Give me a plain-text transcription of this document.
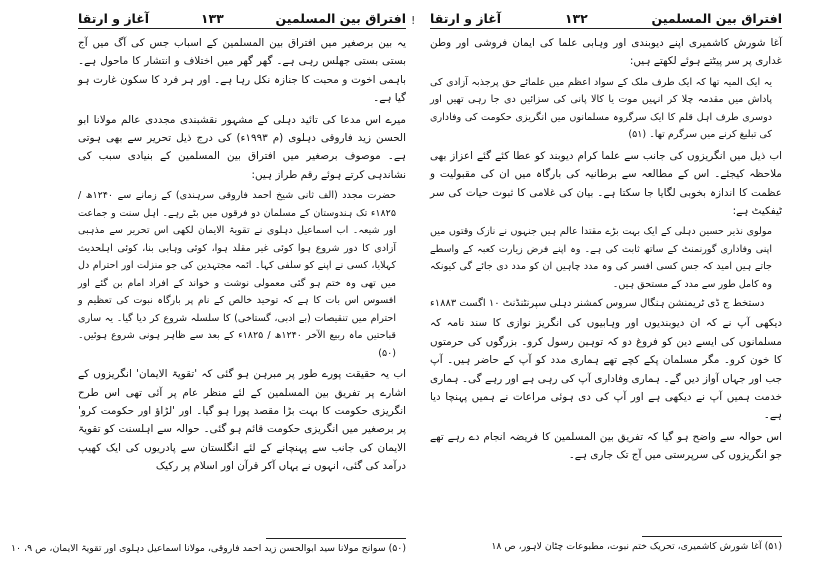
!
افتراق بین المسلمین
۱۳۳
آغاز و ارتقا

یہ بین برصغیر میں افتراق بین المسلمین کے اسباب جس کی آگ میں آج بستی بستی جھلس رہی ہے۔ گھر گھر میں اختلاف و انتشار کا ماحول ہے۔ باہمی اخوت و محبت کا جنازہ نکل رہا ہے۔ اور ہر فرد کا سکون غارت ہو گیا ہے۔

میرے اس مدعا کی تائید دہلی کے مشہور نقشبندی مجددی عالم مولانا ابو الحسن زید فاروقی دہلوی (م ۱۹۹۳ء) کی درج ذیل تحریر سے بھی ہوتی ہے۔ موصوف برصغیر میں افتراق بین المسلمین کے بنیادی سبب کی نشاندہی کرتے ہوئے رقم طراز ہیں:

حضرت مجدد (الف ثانی شیخ احمد فاروقی سرہندی) کے زمانے سے ۱۲۴۰ھ / ۱۸۲۵ء تک ہندوستان کے مسلمان دو فرقوں میں بٹے رہے۔ اہل سنت و جماعت اور شیعہ۔ اب اسماعیل دہلوی نے تقویۃ الایمان لکھی اس تحریر سے مذہبی آزادی کا دور شروع ہوا کوئی غیر مقلد ہوا، کوئی وہابی بنا، کوئی اہلحدیث کہلایا، کسی نے اپنے کو سلفی کہا۔ ائمہ مجتہدین کی جو منزلت اور احترام دل میں تھی وہ ختم ہو گئی معمولی نوشت و خواند کے افراد امام بن گئے اور افسوس اس بات کا ہے کہ توحید خالص کے نام پر بارگاہ نبوت کی تعظیم و احترام میں تنقیصات (بے ادبی، گستاخی) کا سلسلہ شروع کر دیا گیا۔ یہ ساری قباحتیں ماہ ربیع الآخر ۱۲۴۰ھ / ۱۸۲۵ء کے بعد سے ظاہر ہونی شروع ہوئیں۔ (۵۰)

اب یہ حقیقت پورے طور پر مبرہن ہو گئی کہ 'تقویۃ الایمان' انگریزوں کے اشارے پر تفریق بین المسلمین کے لئے منظر عام پر آئی تھی اس طرح انگریزی حکومت کا بہت بڑا مقصد پورا ہو گیا۔ اور 'لڑاؤ اور حکومت کرو' پر برصغیر میں انگریزی حکومت قائم ہو گئی۔ حوالہ سے اہلسنت کو تقویۃ الایمان کی جانب سے پہنچانے کے لئے انگلستان سے پادریوں کی ایک کھیپ درآمد کی گئی، انہوں نے یہاں آکر قرآن اور اسلام پر رکیک

(۵۰) سوانح مولانا سید ابوالحسن زید احمد فاروقی، مولانا اسماعیل دہلوی اور تقویۃ الایمان، ص ۹، ۱۰
افتراق بین المسلمین
۱۳۲
آغاز و ارتقا

آغا شورش کاشمیری اپنے دیوبندی اور وہابی علما کی ایمان فروشی اور وطن غداری پر سر پیٹتے ہوئے لکھتے ہیں:

یہ ایک المیہ تھا کہ ایک طرف ملک کے سواد اعظم میں علمائے حق پرجذبہ آزادی کی پاداش میں مقدمہ چلا کر انہیں موت یا کالا پانی کی سزائیں دی جا رہی تھیں اور دوسری طرف اہل قلم کا ایک سرگروہ مسلمانوں میں انگریزی حکومت کی وفاداری کی تبلیغ کرنے میں سرگرم تھا۔ (۵۱)

اب ذیل میں انگریزوں کی جانب سے علما کرام دیوبند کو عطا کئے گئے اعزاز بھی ملاحظہ کیجئے۔ اس کے مطالعہ سے برطانیہ کی بارگاہ میں ان کی مقبولیت و عظمت کا اندازہ بخوبی لگایا جا سکتا ہے۔ بیان کی غلامی کا ثبوت حیات کی سر ٹیفکیٹ ہے:

مولوی نذیر حسین دہلی کے ایک بہت بڑے مقتدا عالم ہیں جنہوں نے نازک وقتوں میں اپنی وفاداری گورنمنٹ کے ساتھ ثابت کی ہے۔ وہ اپنے فرض زیارت کعبہ کے واسطے جاتے ہیں امید کہ جس کسی افسر کی وہ مدد چاہیں ان کو مدد دی جائے گی کیونکہ وہ کامل طور سے مدد کے مستحق ہیں۔

دستخط ج ڈی ٹریمنشن ہنگال سروس کمشنر دہلی سپرنٹنڈنٹ ۱۰ اگست ۱۸۸۳ء

دیکھی آپ نے کہ ان دیوبندیوں اور وہابیوں کی انگریز نوازی کا سند نامہ کہ مسلمانوں کی ایسے دین کو فروغ دو کہ توہین رسول کرو۔ بزرگوں کی حرمتوں کا خون کرو۔ مگر مسلمان پکے کچے تھے ہماری مدد کو آپ کے حاضر ہیں۔ آپ جب اور جہاں آواز دیں گے۔ ہماری وفاداری آپ کی رہی ہے اور رہے گی۔ ہماری خدمت ہمیں آپ نے دیکھی ہے اور آپ کی دی ہوئی مراعات نے ہمیں پہنچا دیا ہے۔

اس حوالہ سے واضح ہو گیا کہ تفریق بین المسلمین کا فریضہ انجام دے رہے تھے جو انگریزوں کی سرپرستی میں آج تک جاری ہے۔

(۵۱) آغا شورش کاشمیری، تحریک ختم نبوت، مطبوعات چٹان لاہور، ص ۱۸
